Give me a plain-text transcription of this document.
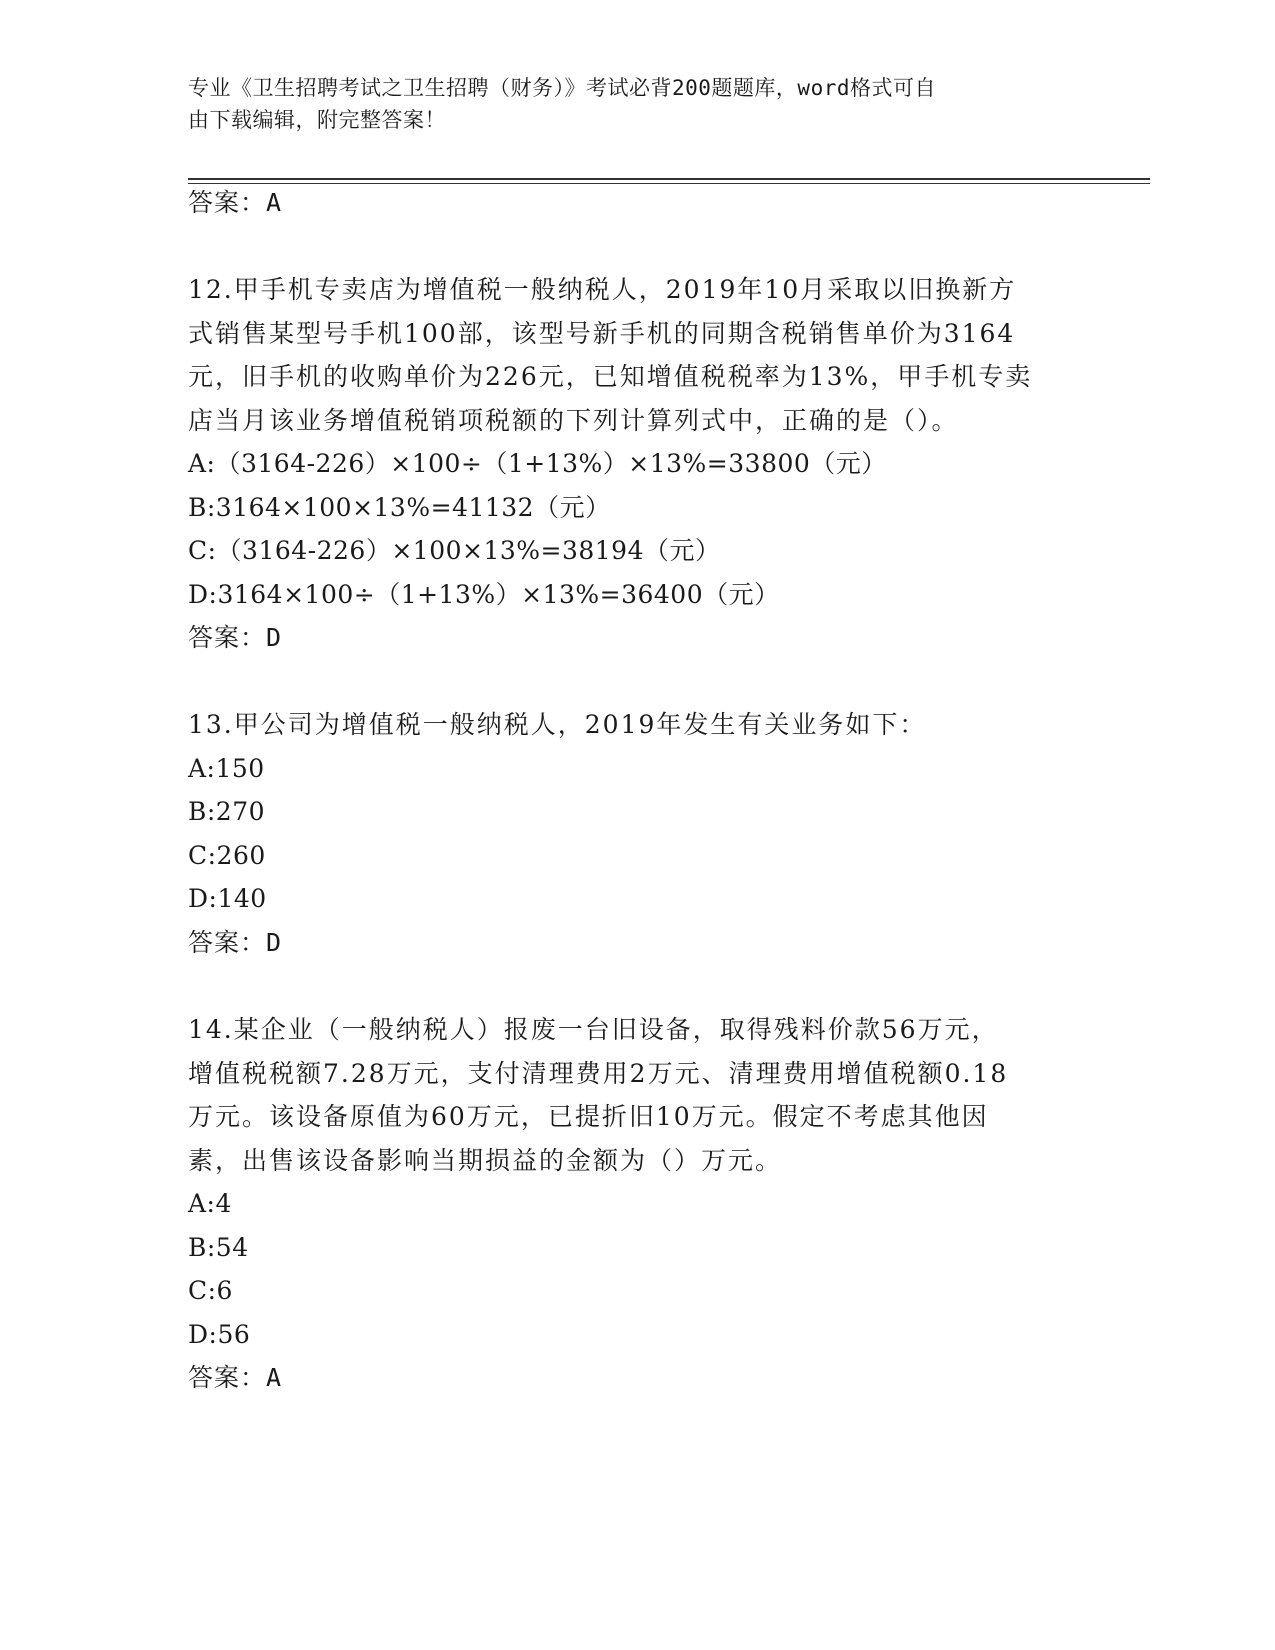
专业《卫生招聘考试之卫生招聘（财务）》考试必背200题题库，word格式可自
由下载编辑，附完整答案！
答案：A
12.甲手机专卖店为增值税一般纳税人，2019年10月采取以旧换新方
式销售某型号手机100部，该型号新手机的同期含税销售单价为3164
元，旧手机的收购单价为226元，已知增值税税率为13%，甲手机专卖
店当月该业务增值税销项税额的下列计算列式中，正确的是（）。
A:（3164-226）×100÷（1+13%）×13%=33800（元）
B:3164×100×13%=41132（元）
C:（3164-226）×100×13%=38194（元）
D:3164×100÷（1+13%）×13%=36400（元）
答案：D
13.甲公司为增值税一般纳税人，2019年发生有关业务如下：
A:150
B:270
C:260
D:140
答案：D
14.某企业（一般纳税人）报废一台旧设备，取得残料价款56万元，
增值税税额7.28万元，支付清理费用2万元、清理费用增值税额0.18
万元。该设备原值为60万元，已提折旧10万元。假定不考虑其他因
素，出售该设备影响当期损益的金额为（）万元。
A:4
B:54
C:6
D:56
答案：A
